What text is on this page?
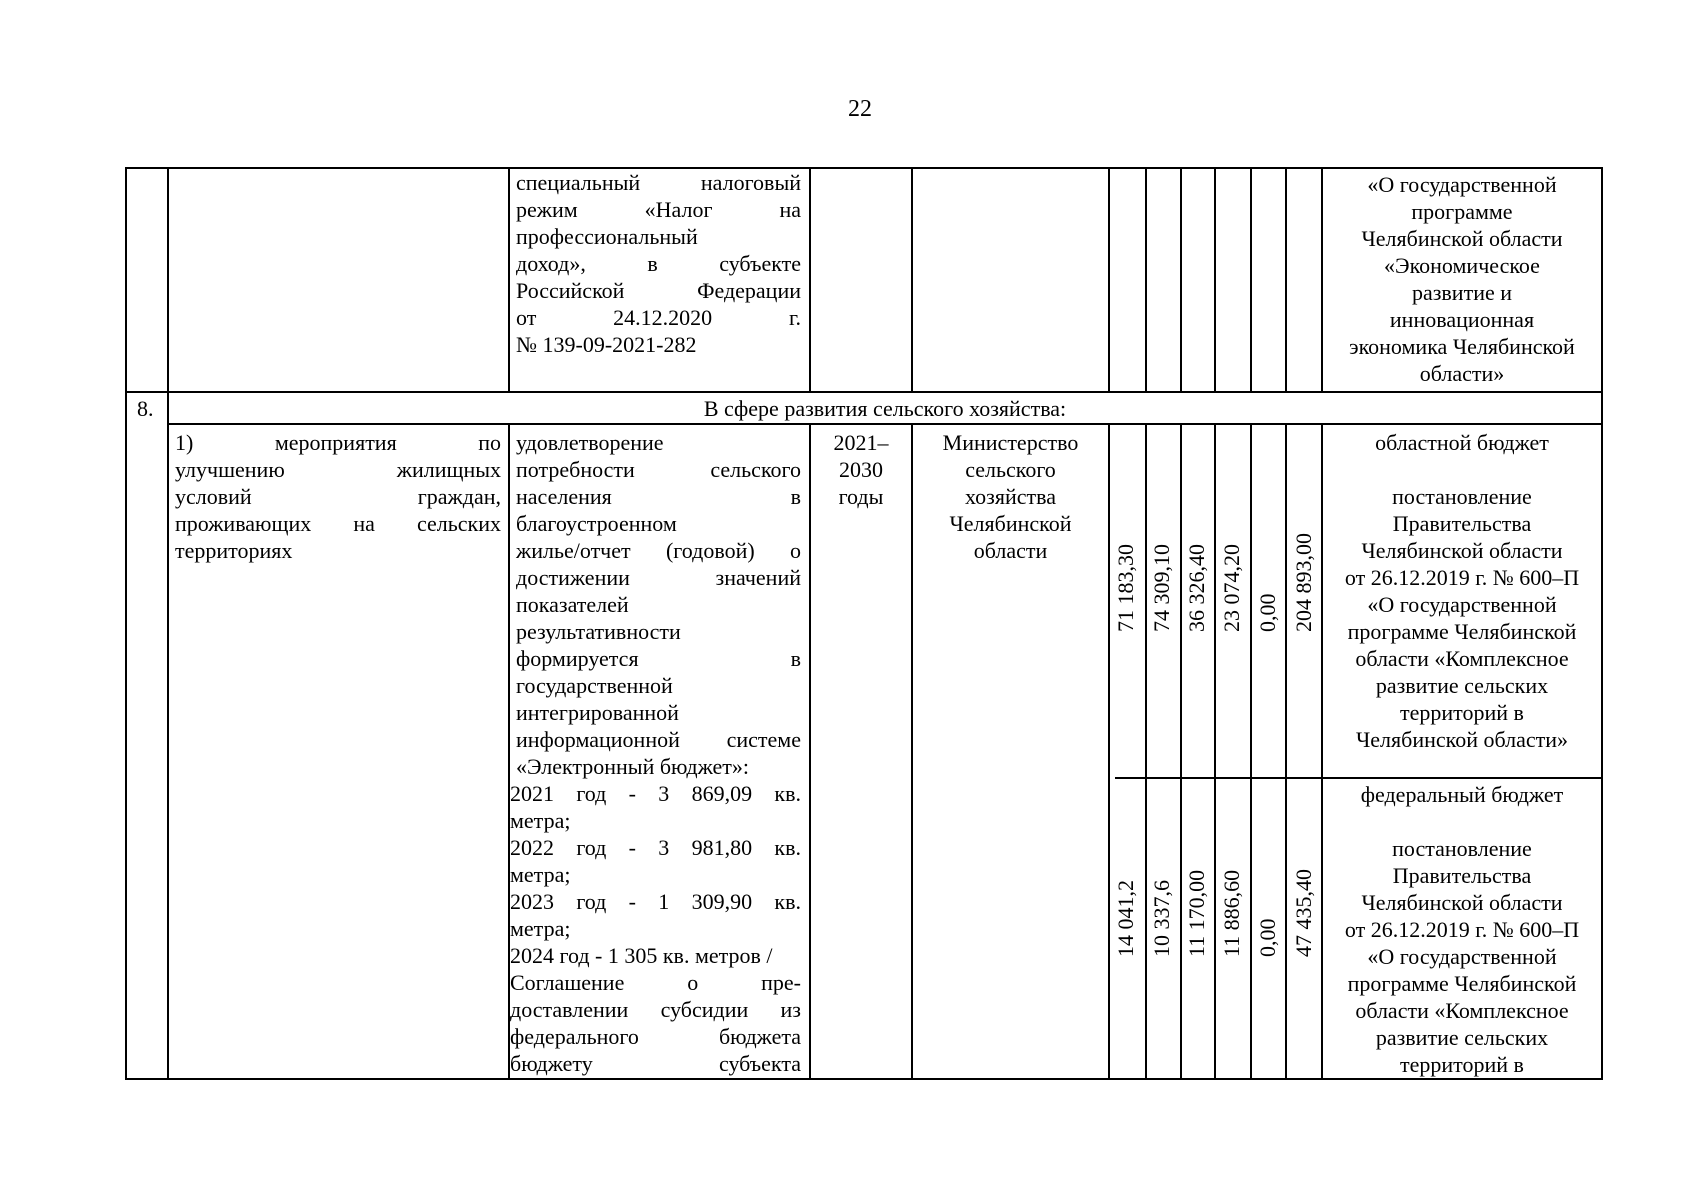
22

специальный налоговый

режим «Налог на

профессиональный

доход», в субъекте

Российской Федерации

от 24.12.2020 г.

№ 139-09-2021-282

«О государственной
программе
Челябинской области
«Экономическое
развитие и
инновационная
экономика Челябинской
области»
8.	В сфере развития сельского хозяйства:

1) мероприятия по

улучшению жилищных

условий граждан,

проживающих на сельских

территориях

удовлетворение

потребности сельского

населения в

благоустроенном

жилье/отчет (годовой) о

достижении значений

показателей

результативности

формируется в

государственной

интегрированной

информационной системе

«Электронный бюджет»:

2021 год - 3 869,09 кв.

метра;

2022 год - 3 981,80 кв.

метра;

2023 год - 1 309,90 кв.

метра;

2024 год - 1 305 кв. метров /

Соглашение о пре-

доставлении субсидии из

федерального бюджета

бюджету субъекта

2021–
2030
годы
Министерство
сельского
хозяйства
Челябинской
области	71 183,30 74 309,10 36 326,40 23 074,20 0,00 204 893,00
областной бюджет
постановление
Правительства
Челябинской области
от 26.12.2019 г. № 600–П
«О государственной
программе Челябинской
области «Комплексное
развитие сельских
территорий в
Челябинской области»
14 041,2 10 337,6 11 170,00 11 886,60 0,00 47 435,40
федеральный бюджет
постановление
Правительства
Челябинской области
от 26.12.2019 г. № 600–П
«О государственной
программе Челябинской
области «Комплексное
развитие сельских
территорий в
